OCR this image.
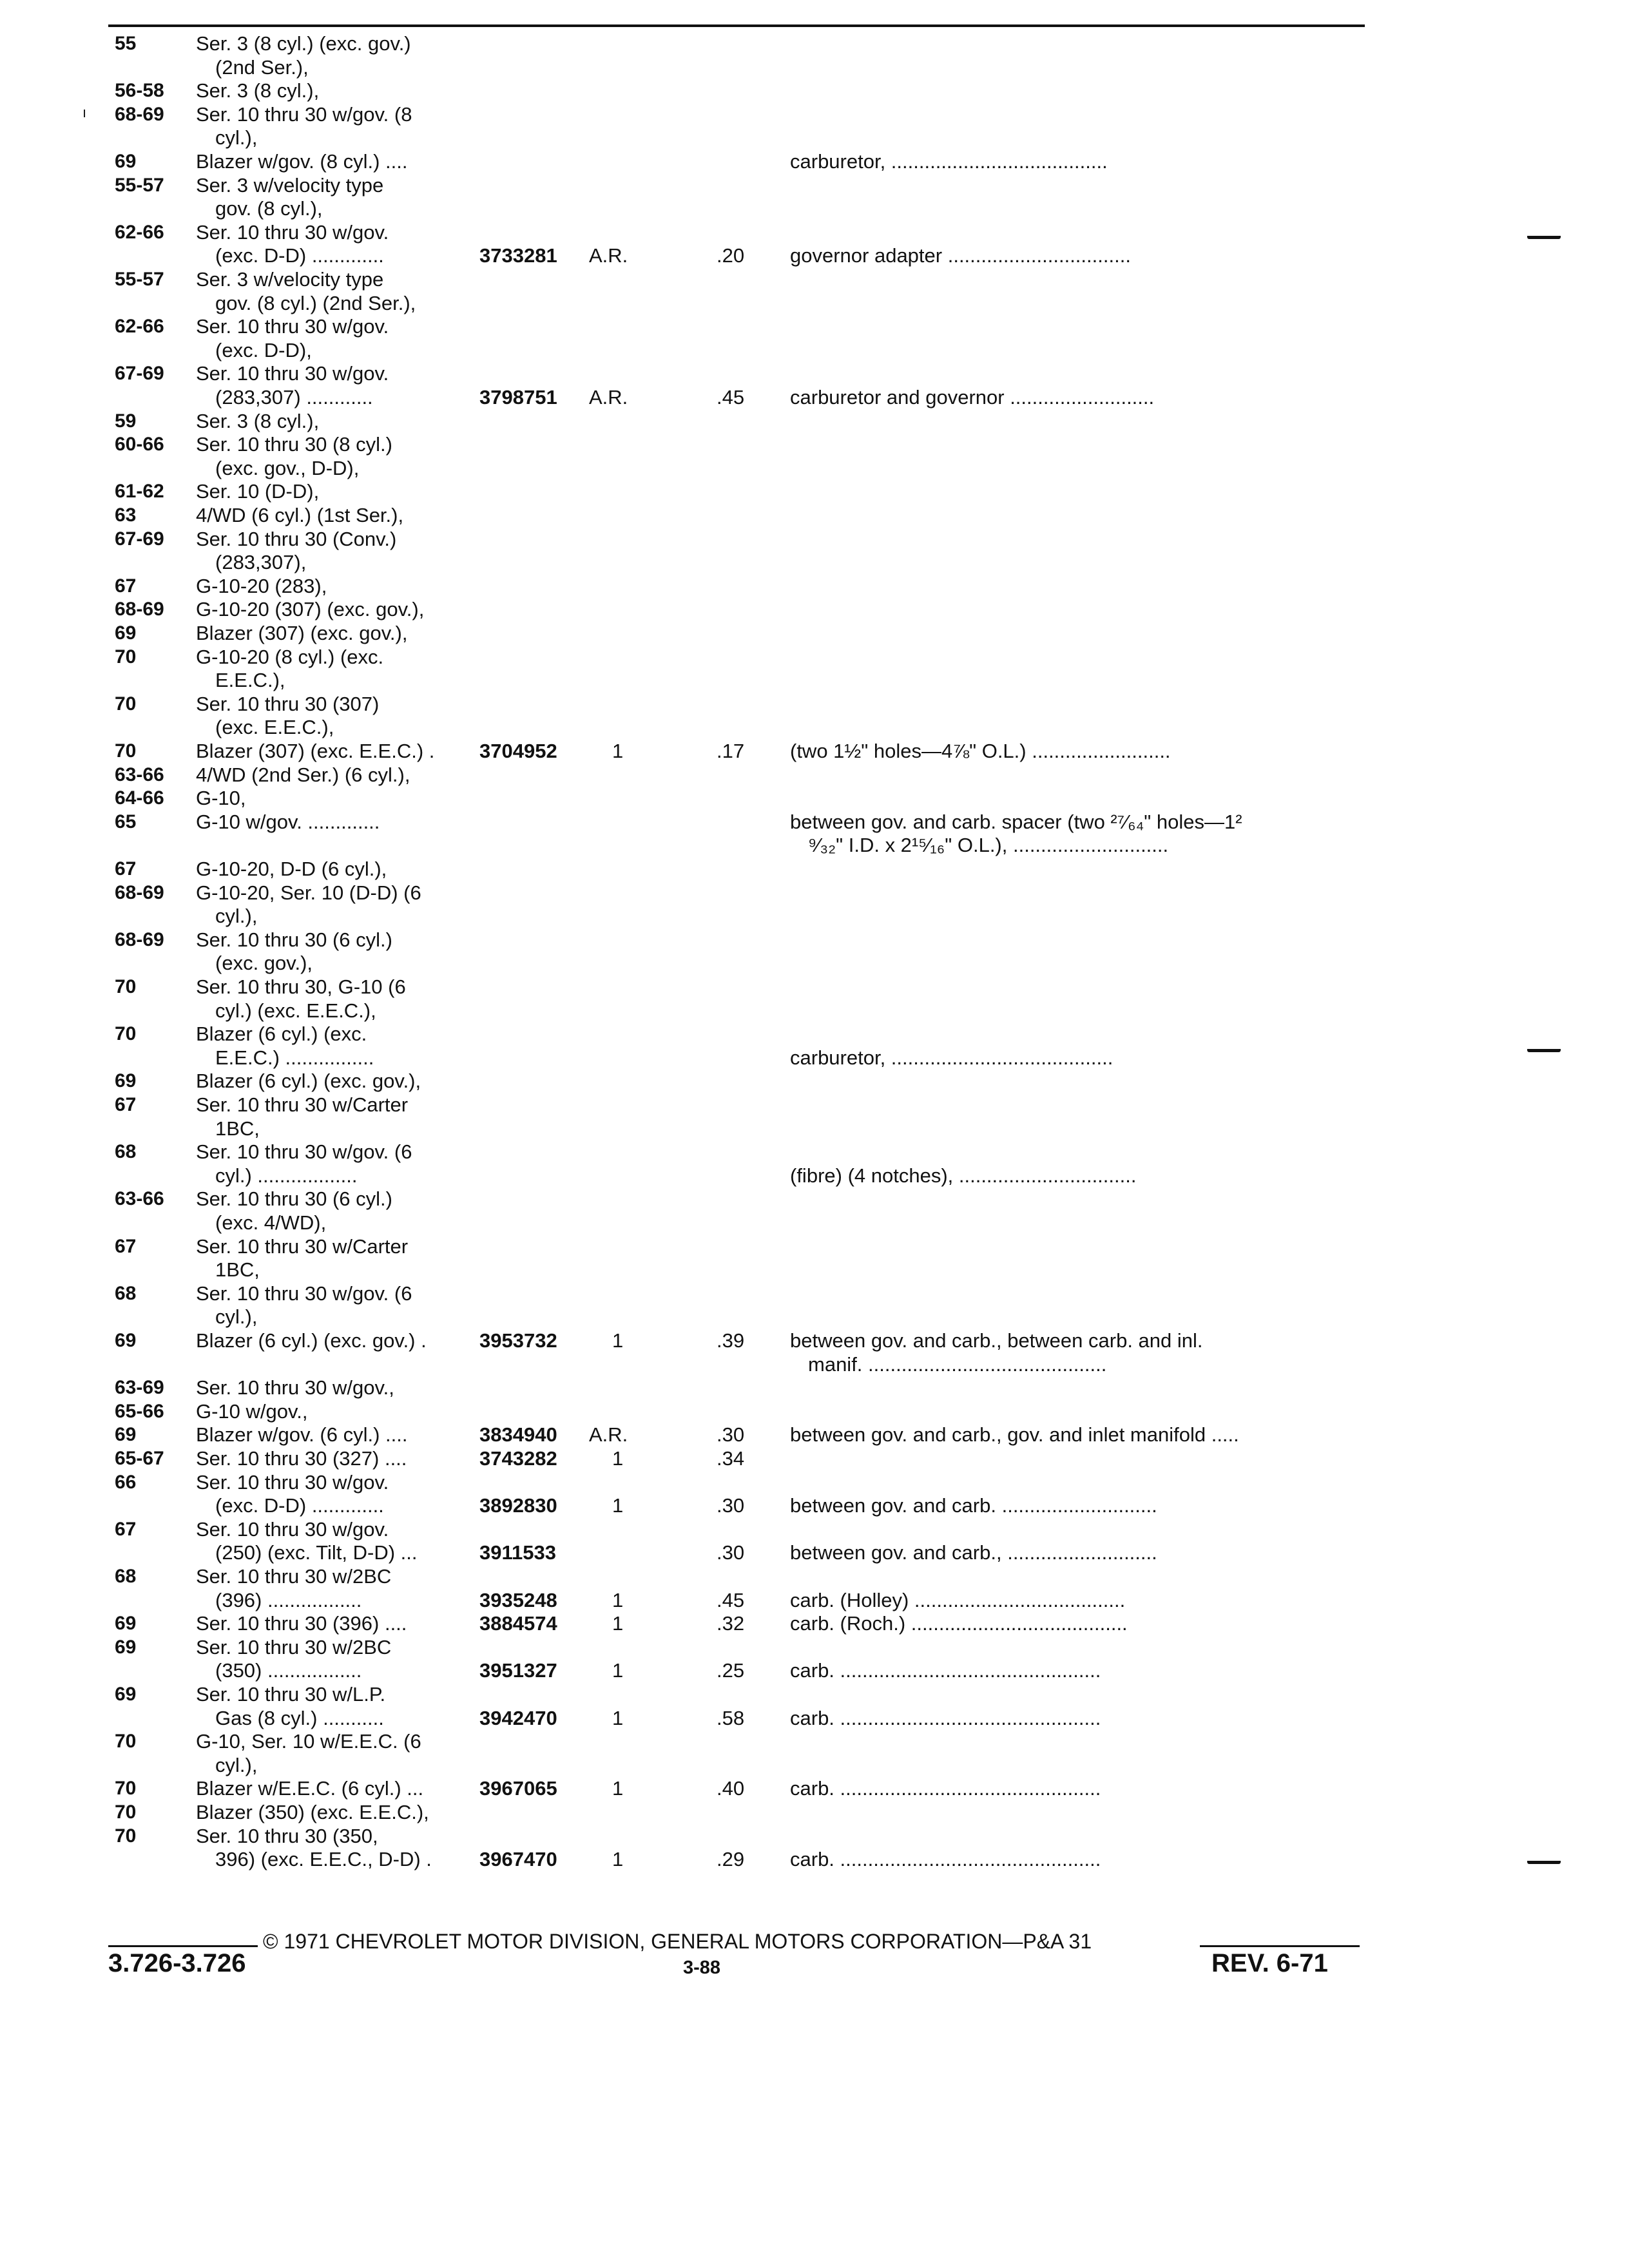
ı
55	Ser. 3 (8 cyl.) (exc. gov.)
(2nd Ser.),
56-58 Ser. 3 (8 cyl.),
68-69 Ser. 10 thru 30 w/gov. (8
cyl.),
69	Blazer w/gov. (8 cyl.) ....	carburetor, .......................................
55-57 Ser. 3 w/velocity type
gov. (8 cyl.),
62-66 Ser. 10 thru 30 w/gov.
(exc. D-D) .............	3733281 A.R.	.20 governor adapter .................................
55-57 Ser. 3 w/velocity type
gov. (8 cyl.) (2nd Ser.),
62-66 Ser. 10 thru 30 w/gov.
(exc. D-D),
67-69 Ser. 10 thru 30 w/gov.
(283,307) ............	3798751 A.R.	.45 carburetor and governor ..........................
59	Ser. 3 (8 cyl.),
60-66 Ser. 10 thru 30 (8 cyl.)
(exc. gov., D-D),
61-62 Ser. 10 (D-D),
63	4/WD (6 cyl.) (1st Ser.),
67-69 Ser. 10 thru 30 (Conv.)
(283,307),
67	G-10-20 (283),
68-69 G-10-20 (307) (exc. gov.),
69	Blazer (307) (exc. gov.),
70	G-10-20 (8 cyl.) (exc.
E.E.C.),
70	Ser. 10 thru 30 (307)
(exc. E.E.C.),
70	Blazer (307) (exc. E.E.C.) . 3704952	1	.17 (two 1½" holes—4⅞" O.L.) .........................
63-66 4/WD (2nd Ser.) (6 cyl.),
64-66 G-10,
65	G-10 w/gov. .............	between gov. and carb. spacer (two ²⁷⁄₆₄" holes—1²
⁹⁄₃₂" I.D. x 2¹⁵⁄₁₆" O.L.), ............................
67	G-10-20, D-D (6 cyl.),
68-69 G-10-20, Ser. 10 (D-D) (6
cyl.),
68-69 Ser. 10 thru 30 (6 cyl.)
(exc. gov.),
70	Ser. 10 thru 30, G-10 (6
cyl.) (exc. E.E.C.),
70	Blazer (6 cyl.) (exc.
E.E.C.) ................	carburetor, ........................................
69	Blazer (6 cyl.) (exc. gov.),
67	Ser. 10 thru 30 w/Carter
1BC,
68	Ser. 10 thru 30 w/gov. (6
cyl.) ..................	(fibre) (4 notches), ................................
63-66 Ser. 10 thru 30 (6 cyl.)
(exc. 4/WD),
67	Ser. 10 thru 30 w/Carter
1BC,
68	Ser. 10 thru 30 w/gov. (6
cyl.),
69	Blazer (6 cyl.) (exc. gov.) .	3953732	1	.39 between gov. and carb., between carb. and inl.
manif. ...........................................
63-69 Ser. 10 thru 30 w/gov.,
65-66 G-10 w/gov.,
69	Blazer w/gov. (6 cyl.) ....	3834940 A.R.	.30 between gov. and carb., gov. and inlet manifold .....
65-67 Ser. 10 thru 30 (327) ....	3743282	1	.34
66	Ser. 10 thru 30 w/gov.
(exc. D-D) .............	3892830	1	.30 between gov. and carb. ............................
67	Ser. 10 thru 30 w/gov.
(250) (exc. Tilt, D-D) ...	3911533	.30 between gov. and carb., ...........................
68	Ser. 10 thru 30 w/2BC
(396) .................	3935248	1	.45 carb. (Holley) ......................................
69	Ser. 10 thru 30 (396) ....	3884574	1	.32 carb. (Roch.) .......................................
69	Ser. 10 thru 30 w/2BC
(350) .................	3951327	1	.25 carb. ...............................................
69	Ser. 10 thru 30 w/L.P.
Gas (8 cyl.) ...........	3942470	1	.58 carb. ...............................................
70	G-10, Ser. 10 w/E.E.C. (6
cyl.),
70	Blazer w/E.E.C. (6 cyl.) ...	3967065	1	.40 carb. ...............................................
70	Blazer (350) (exc. E.E.C.),
70	Ser. 10 thru 30 (350,
396) (exc. E.E.C., D-D) . 3967470	1	.29 carb. ...............................................
© 1971 CHEVROLET MOTOR DIVISION, GENERAL MOTORS CORPORATION—P&A 31
3.726-3.726	3-88	REV. 6-71
